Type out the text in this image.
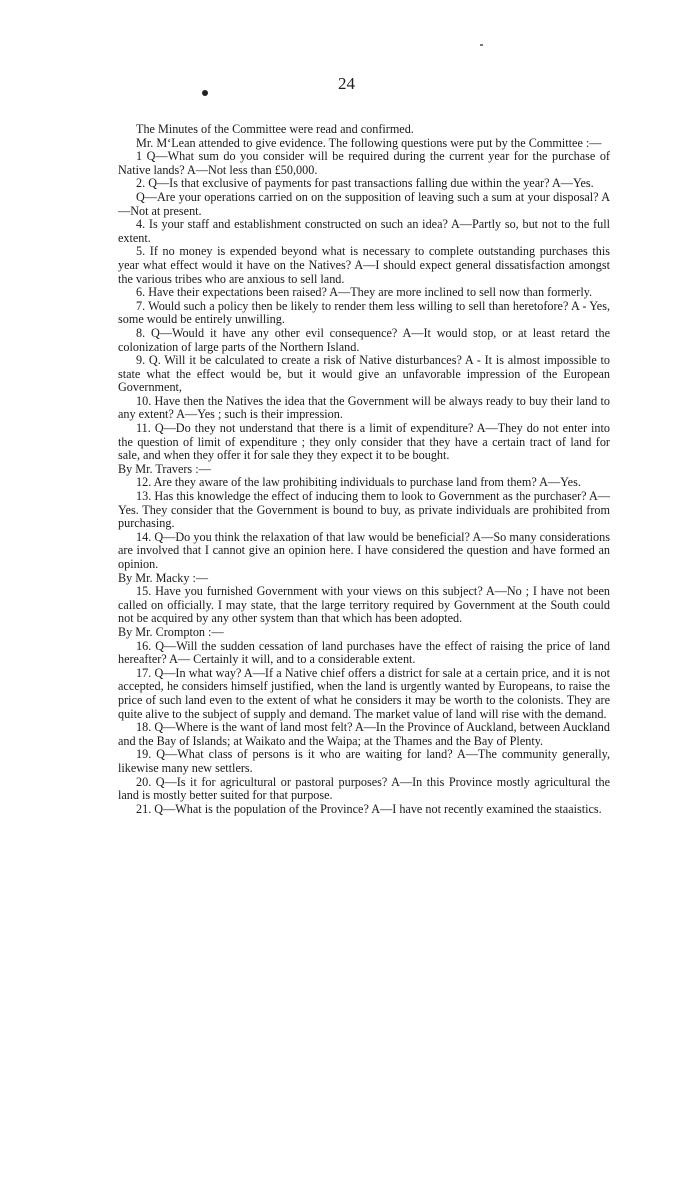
24

The Minutes of the Committee were read and confirmed.

Mr. M‘Lean attended to give evidence. The following questions were put by the Committee :—

1 Q—What sum do you consider will be required during the current year for the purchase of Native lands? A—Not less than £50,000.

2. Q—Is that exclusive of payments for past transactions falling due within the year? A—Yes.

Q—Are your operations carried on on the supposition of leaving such a sum at your disposal? A—Not at present.

4. Is your staff and establishment constructed on such an idea? A—Partly so, but not to the full extent.

5. If no money is expended beyond what is necessary to complete outstanding purchases this year what effect would it have on the Natives? A—I should expect general dissatisfaction amongst the various tribes who are anxious to sell land.

6. Have their expectations been raised? A—They are more inclined to sell now than formerly.

7. Would such a policy then be likely to render them less willing to sell than heretofore? A - Yes, some would be entirely unwilling.

8. Q—Would it have any other evil consequence? A—It would stop, or at least retard the colonization of large parts of the Northern Island.

9. Q. Will it be calculated to create a risk of Native disturbances? A - It is almost impossible to state what the effect would be, but it would give an unfavorable impression of the European Government,

10. Have then the Natives the idea that the Government will be always ready to buy their land to any extent? A—Yes ; such is their impression.

11. Q—Do they not understand that there is a limit of expenditure? A—They do not enter into the question of limit of expenditure ; they only consider that they have a certain tract of land for sale, and when they offer it for sale they they expect it to be bought.

By Mr. Travers :—

12. Are they aware of the law prohibiting individuals to purchase land from them? A—Yes.

13. Has this knowledge the effect of inducing them to look to Government as the purchaser? A—Yes. They consider that the Government is bound to buy, as private individuals are prohibited from purchasing.

14. Q—Do you think the relaxation of that law would be beneficial? A—So many considerations are involved that I cannot give an opinion here. I have considered the question and have formed an opinion.

By Mr. Macky :—

15. Have you furnished Government with your views on this subject? A—No ; I have not been called on officially. I may state, that the large territory required by Government at the South could not be acquired by any other system than that which has been adopted.

By Mr. Crompton :—

16. Q—Will the sudden cessation of land purchases have the effect of raising the price of land hereafter? A— Certainly it will, and to a considerable extent.

17. Q—In what way? A—If a Native chief offers a district for sale at a certain price, and it is not accepted, he considers himself justified, when the land is urgently wanted by Europeans, to raise the price of such land even to the extent of what he considers it may be worth to the colonists. They are quite alive to the subject of supply and demand. The market value of land will rise with the demand.

18. Q—Where is the want of land most felt? A—In the Province of Auckland, between Auckland and the Bay of Islands; at Waikato and the Waipa; at the Thames and the Bay of Plenty.

19. Q—What class of persons is it who are waiting for land? A—The community generally, likewise many new settlers.

20. Q—Is it for agricultural or pastoral purposes? A—In this Province mostly agricultural the land is mostly better suited for that purpose.

21. Q—What is the population of the Province? A—I have not recently examined the staaistics.
